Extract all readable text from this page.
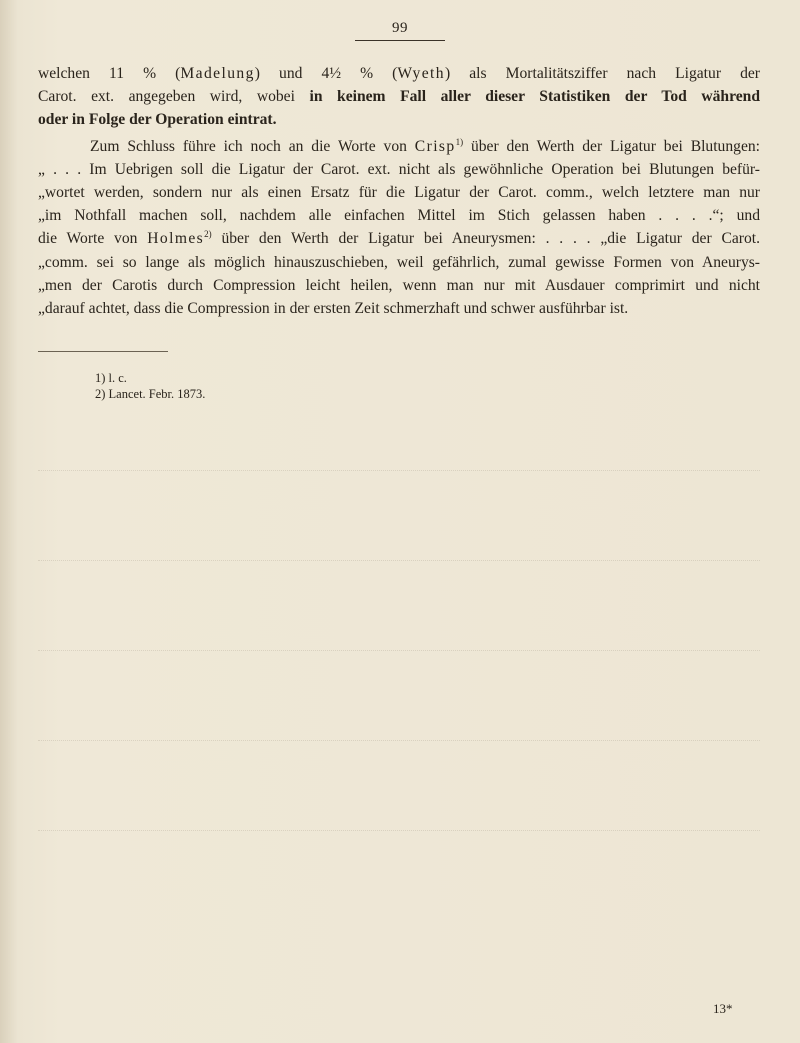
99
welchen 11 % (Madelung) und 4½ % (Wyeth) als Mortalitätsziffer nach Ligatur der
Carot. ext. angegeben wird, wobei in keinem Fall aller dieser Statistiken der Tod während
oder in Folge der Operation eintrat.
Zum Schluss führe ich noch an die Worte von Crisp$^{1)}$ über den Werth der Ligatur bei Blutungen:
„ . . . Im Uebrigen soll die Ligatur der Carot. ext. nicht als gewöhnliche Operation bei Blutungen befür-
„wortet werden, sondern nur als einen Ersatz für die Ligatur der Carot. comm., welch letztere man nur
„im Nothfall machen soll, nachdem alle einfachen Mittel im Stich gelassen haben . . . .“; und
die Worte von Holmes$^{2)}$ über den Werth der Ligatur bei Aneurysmen: . . . . „die Ligatur der Carot.
„comm. sei so lange als möglich hinauszuschieben, weil gefährlich, zumal gewisse Formen von Aneurys-
„men der Carotis durch Compression leicht heilen, wenn man nur mit Ausdauer comprimirt und nicht
„darauf achtet, dass die Compression in der ersten Zeit schmerzhaft und schwer ausführbar ist.
1) l. c.
2) Lancet. Febr. 1873.
13*
